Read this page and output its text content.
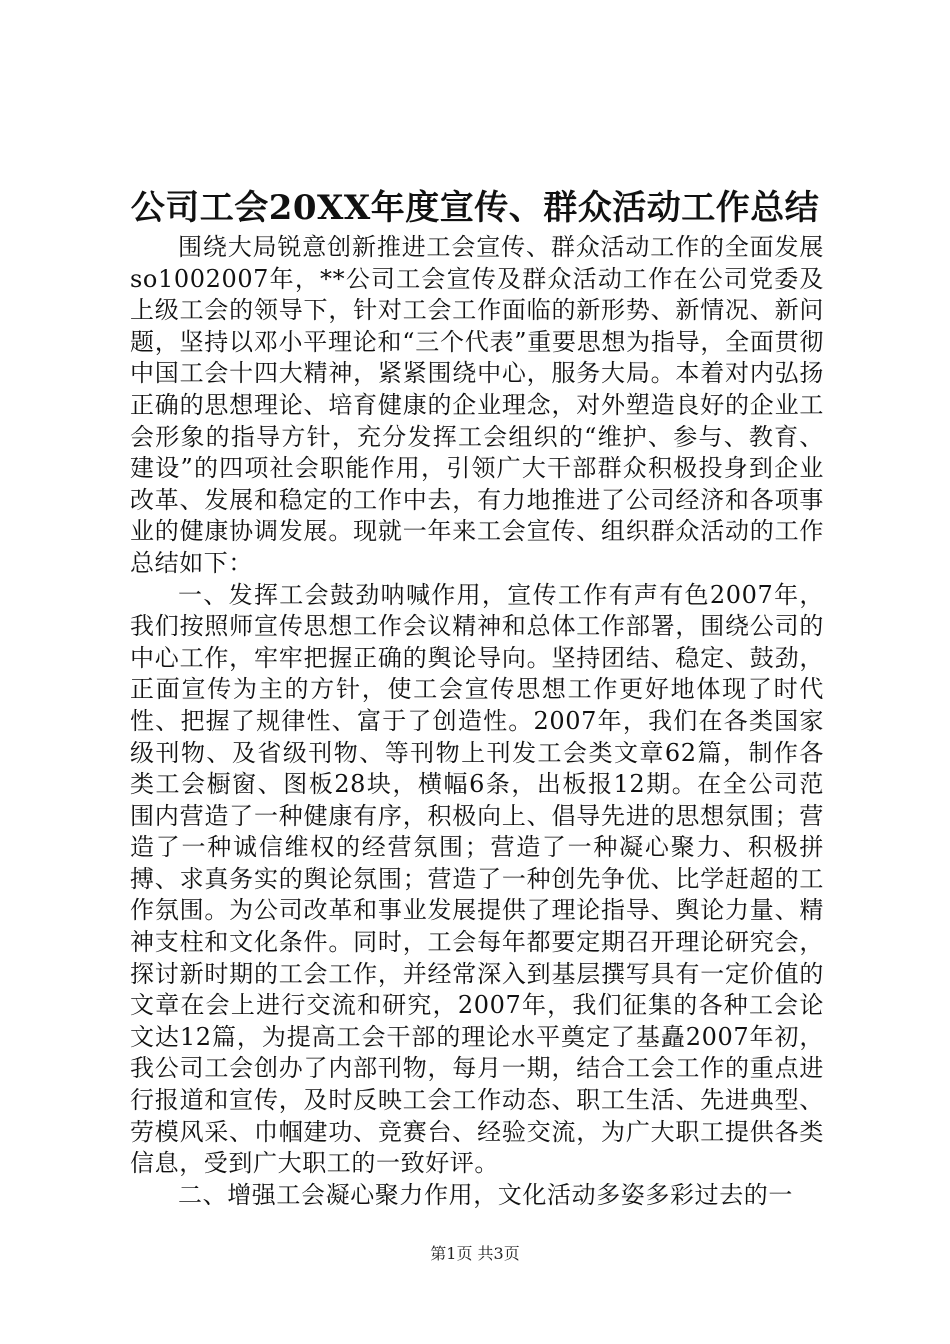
公司工会20XX年度宣传、群众活动工作总结

围绕大局锐意创新推进工会宣传、群众活动工作的全面发展so1002007年，**公司工会宣传及群众活动工作在公司党委及上级工会的领导下，针对工会工作面临的新形势、新情况、新问题，坚持以邓小平理论和“三个代表”重要思想为指导，全面贯彻中国工会十四大精神，紧紧围绕中心，服务大局。本着对内弘扬正确的思想理论、培育健康的企业理念，对外塑造良好的企业工会形象的指导方针，充分发挥工会组织的“维护、参与、教育、建设”的四项社会职能作用，引领广大干部群众积极投身到企业改革、发展和稳定的工作中去，有力地推进了公司经济和各项事业的健康协调发展。现就一年来工会宣传、组织群众活动的工作总结如下：

一、发挥工会鼓劲呐喊作用，宣传工作有声有色2007年，我们按照师宣传思想工作会议精神和总体工作部署，围绕公司的中心工作，牢牢把握正确的舆论导向。坚持团结、稳定、鼓劲，正面宣传为主的方针，使工会宣传思想工作更好地体现了时代性、把握了规律性、富于了创造性。2007年，我们在各类国家级刊物、及省级刊物、等刊物上刊发工会类文章62篇，制作各类工会橱窗、图板28块，横幅6条，出板报12期。在全公司范围内营造了一种健康有序，积极向上、倡导先进的思想氛围；营造了一种诚信维权的经营氛围；营造了一种凝心聚力、积极拼搏、求真务实的舆论氛围；营造了一种创先争优、比学赶超的工作氛围。为公司改革和事业发展提供了理论指导、舆论力量、精神支柱和文化条件。同时，工会每年都要定期召开理论研究会，探讨新时期的工会工作，并经常深入到基层撰写具有一定价值的文章在会上进行交流和研究，2007年，我们征集的各种工会论文达12篇，为提高工会干部的理论水平奠定了基矗2007年初，我公司工会创办了内部刊物，每月一期，结合工会工作的重点进行报道和宣传，及时反映工会工作动态、职工生活、先进典型、劳模风采、巾帼建功、竞赛台、经验交流，为广大职工提供各类信息，受到广大职工的一致好评。

二、增强工会凝心聚力作用，文化活动多姿多彩过去的一

第1页 共3页
